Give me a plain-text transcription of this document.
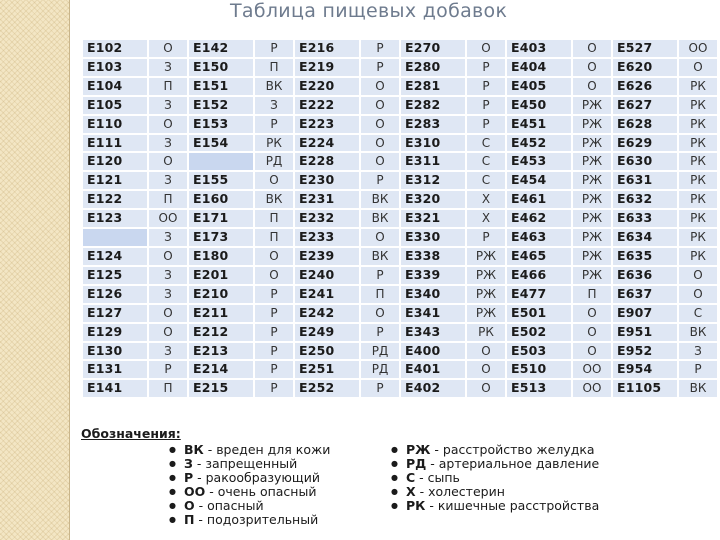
Таблица пищевых добавок
E102	О	E142	Р	E216	Р	E270	О	E403	О	E527	ОО
E103	З	E150	П	E219	Р	E280	Р	E404	О	E620	О
E104	П	E151	ВК	E220	О	E281	Р	E405	О	E626	РК
E105	З	E152	З	E222	О	E282	Р	E450	РЖ	E627	РК
E110	О	E153	Р	E223	О	E283	Р	E451	РЖ	E628	РК
E111	З	E154	РК	E224	О	E310	С	E452	РЖ	E629	РК
E120	О		РД	E228	О	E311	С	E453	РЖ	E630	РК
E121	З	E155	О	E230	Р	E312	С	E454	РЖ	E631	РК
E122	П	E160	ВК	E231	ВК	E320	Х	E461	РЖ	E632	РК
E123	ОО	E171	П	E232	ВК	E321	Х	E462	РЖ	E633	РК
	З	E173	П	E233	О	E330	Р	E463	РЖ	E634	РК
E124	О	E180	О	E239	ВК	E338	РЖ	E465	РЖ	E635	РК
E125	З	E201	О	E240	Р	E339	РЖ	E466	РЖ	E636	О
E126	З	E210	Р	E241	П	E340	РЖ	E477	П	E637	О
E127	О	E211	Р	E242	О	E341	РЖ	E501	О	E907	С
E129	О	E212	Р	E249	Р	E343	РК	E502	О	E951	ВК
E130	З	E213	Р	E250	РД	E400	О	E503	О	E952	З
E131	Р	E214	Р	E251	РД	E401	О	E510	ОО	E954	Р
E141	П	E215	Р	E252	Р	E402	О	E513	ОО	E1105	ВК
Обозначения:
● ВК - вреден для кожи
● З - запрещенный
● Р - ракообразующий
● ОО - очень опасный
● О - опасный
● П - подозрительный
● РЖ - расстройство желудка
● РД - артериальное давление
● С - сыпь
● Х - холестерин
● РК - кишечные расстройства
